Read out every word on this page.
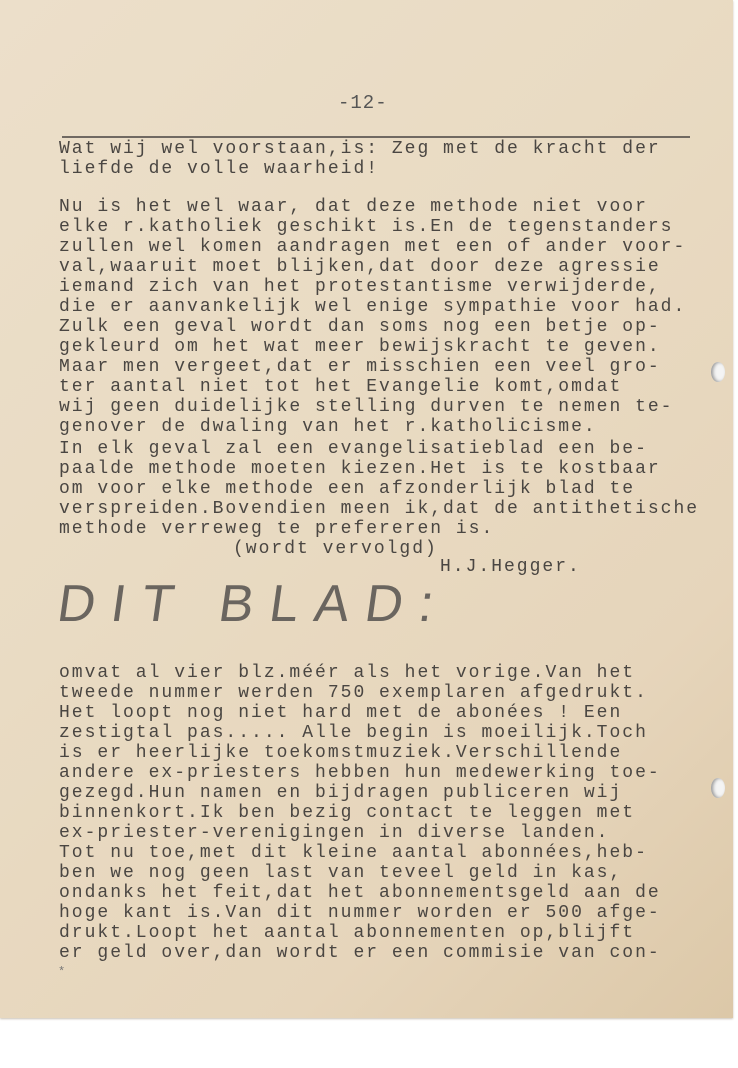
-12-
Wat wij wel voorstaan,is: Zeg met de kracht der
liefde de volle waarheid!
Nu is het wel waar, dat deze methode niet voor
elke r.katholiek geschikt is.En de tegenstanders
zullen wel komen aandragen met een of ander voor-
val,waaruit moet blijken,dat door deze agressie
iemand zich van het protestantisme verwijderde,
die er aanvankelijk wel enige sympathie voor had.
Zulk een geval wordt dan soms nog een betje op-
gekleurd om het wat meer bewijskracht te geven.
Maar men vergeet,dat er misschien een veel gro-
ter aantal niet tot het Evangelie komt,omdat
wij geen duidelijke stelling durven te nemen te-
genover de dwaling van het r.katholicisme.
In elk geval zal een evangelisatieblad een be-
paalde methode moeten kiezen.Het is te kostbaar
om voor elke methode een afzonderlijk blad te
verspreiden.Bovendien meen ik,dat de antithetische
methode verreweg te prefereren is.
(wordt vervolgd)
H.J.Hegger.
DIT BLAD:
omvat al vier blz.méér als het vorige.Van het
tweede nummer werden 750 exemplaren afgedrukt.
Het loopt nog niet hard met de abonées ! Een
zestigtal pas..... Alle begin is moeilijk.Toch
is er heerlijke toekomstmuziek.Verschillende
andere ex-priesters hebben hun medewerking toe-
gezegd.Hun namen en bijdragen publiceren wij
binnenkort.Ik ben bezig contact te leggen met
ex-priester-verenigingen in diverse landen.
Tot nu toe,met dit kleine aantal abonnées,heb-
ben we nog geen last van teveel geld in kas,
ondanks het feit,dat het abonnementsgeld aan de
hoge kant is.Van dit nummer worden er 500 afge-
drukt.Loopt het aantal abonnementen op,blijft
er geld over,dan wordt er een commisie van con-
*
